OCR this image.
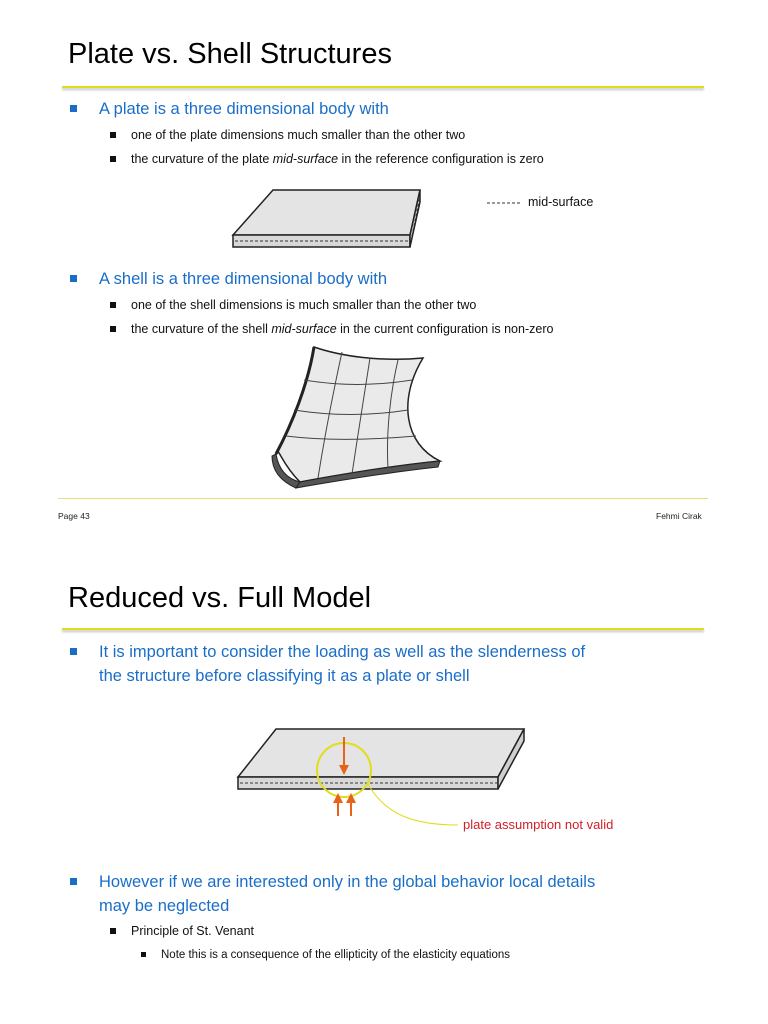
Plate vs. Shell Structures
A plate is a three dimensional body with
one of the plate dimensions much smaller than the other two
the curvature of the plate mid-surface in the reference configuration is zero
mid-surface
A shell is a three dimensional body with
one of the shell dimensions is much smaller than the other two
the curvature of the shell mid-surface in the current configuration is non-zero
Page 43	Fehmi Cirak
Reduced vs. Full Model
It is important to consider the loading as well as the slenderness of
the structure before classifying it as a plate or shell
plate assumption not valid
However if we are interested only in the global behavior local details
may be neglected
Principle of St. Venant
Note this is a consequence of the ellipticity of the elasticity equations
